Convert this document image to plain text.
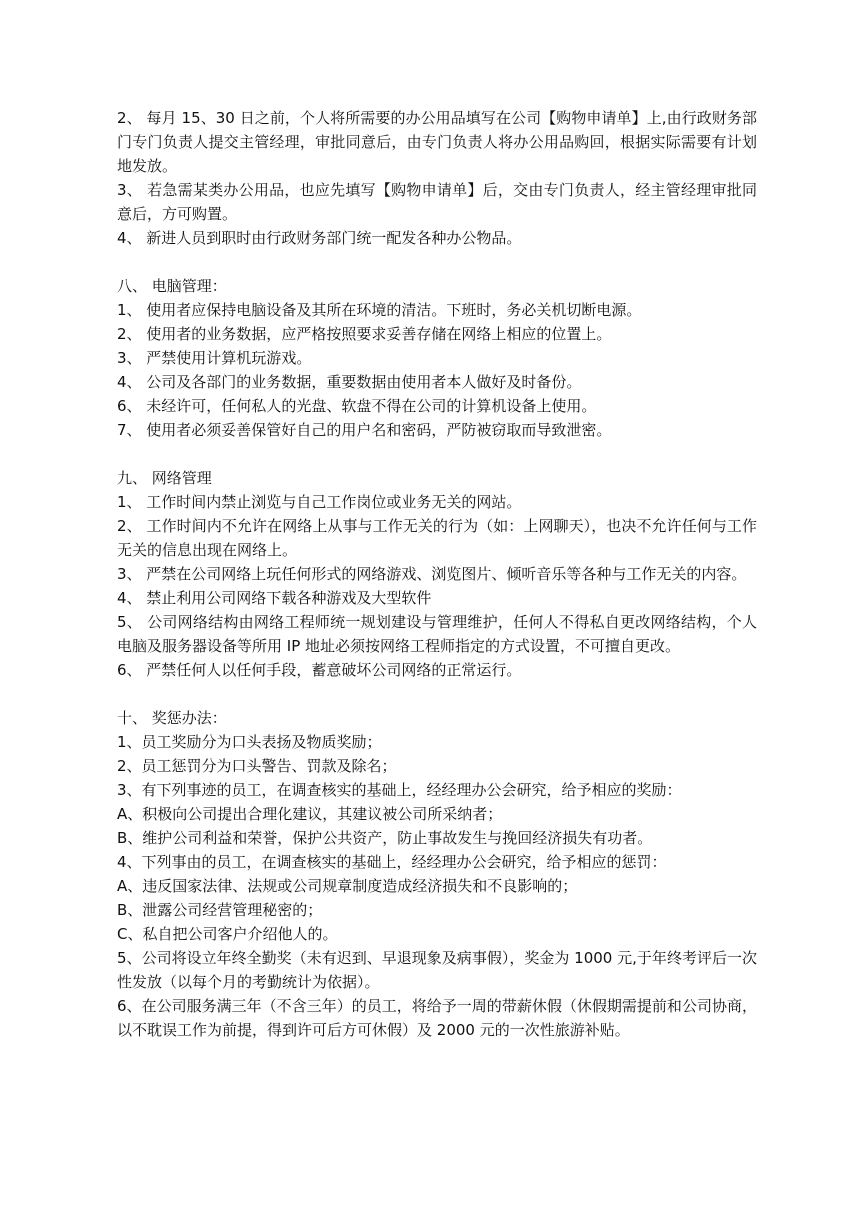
2、 每月 15、30 日之前，个人将所需要的办公用品填写在公司【购物申请单】上,由行政财务部门专门负责人提交主管经理，审批同意后，由专门负责人将办公用品购回，根据实际需要有计划地发放。

3、 若急需某类办公用品，也应先填写【购物申请单】后，交由专门负责人，经主管经理审批同意后，方可购置。

4、 新进人员到职时由行政财务部门统一配发各种办公物品。

八、 电脑管理：

1、 使用者应保持电脑设备及其所在环境的清洁。下班时，务必关机切断电源。

2、 使用者的业务数据，应严格按照要求妥善存储在网络上相应的位置上。

3、 严禁使用计算机玩游戏。

4、 公司及各部门的业务数据，重要数据由使用者本人做好及时备份。

6、 未经许可，任何私人的光盘、软盘不得在公司的计算机设备上使用。

7、 使用者必须妥善保管好自己的用户名和密码，严防被窃取而导致泄密。

九、 网络管理

1、 工作时间内禁止浏览与自己工作岗位或业务无关的网站。

2、 工作时间内不允许在网络上从事与工作无关的行为（如：上网聊天），也决不允许任何与工作无关的信息出现在网络上。

3、 严禁在公司网络上玩任何形式的网络游戏、浏览图片、倾听音乐等各种与工作无关的内容。

4、 禁止利用公司网络下载各种游戏及大型软件

5、 公司网络结构由网络工程师统一规划建设与管理维护，任何人不得私自更改网络结构，个人电脑及服务器设备等所用 IP 地址必须按网络工程师指定的方式设置，不可擅自更改。

6、 严禁任何人以任何手段，蓄意破坏公司网络的正常运行。

十、 奖惩办法：

1、员工奖励分为口头表扬及物质奖励；

2、员工惩罚分为口头警告、罚款及除名；

3、有下列事迹的员工，在调查核实的基础上，经经理办公会研究，给予相应的奖励：

A、积极向公司提出合理化建议，其建议被公司所采纳者；

B、维护公司利益和荣誉，保护公共资产，防止事故发生与挽回经济损失有功者。

4、下列事由的员工，在调查核实的基础上，经经理办公会研究，给予相应的惩罚：

A、违反国家法律、法规或公司规章制度造成经济损失和不良影响的；

B、泄露公司经营管理秘密的；

C、私自把公司客户介绍他人的。

5、公司将设立年终全勤奖（未有迟到、早退现象及病事假），奖金为 1000 元,于年终考评后一次性发放（以每个月的考勤统计为依据）。

6、在公司服务满三年（不含三年）的员工，将给予一周的带薪休假（休假期需提前和公司协商，以不耽误工作为前提，得到许可后方可休假）及 2000 元的一次性旅游补贴。
